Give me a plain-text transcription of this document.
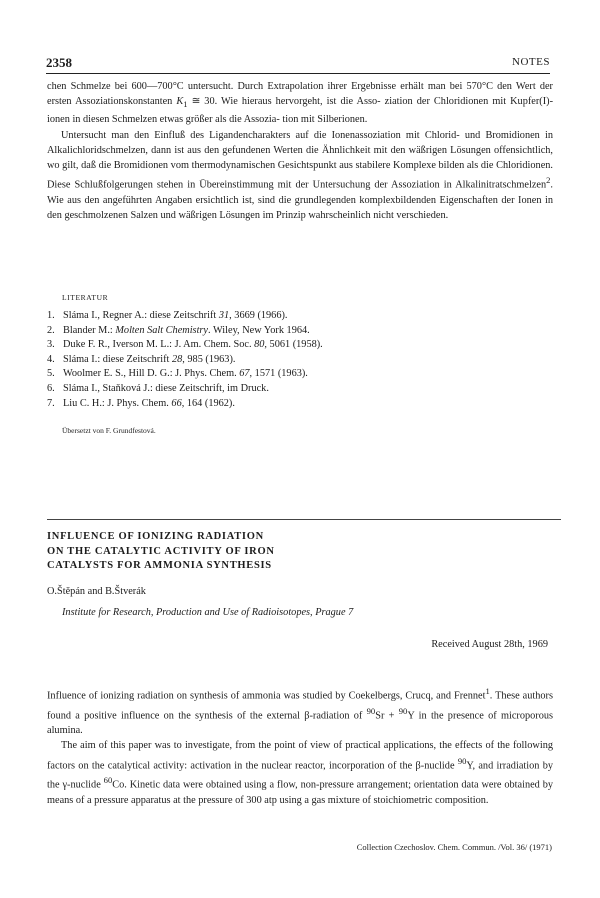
2358	NOTES

chen Schmelze bei 600—700°C untersucht. Durch Extrapolation ihrer Ergebnisse erhält man bei 570°C den Wert der ersten Assoziationskonstanten $K_1$ ≅ 30. Wie hieraus hervorgeht, ist die Asso- ziation der Chloridionen mit Kupfer(I)-ionen in diesen Schmelzen etwas größer als die Assozia- tion mit Silberionen.

Untersucht man den Einfluß des Ligandencharakters auf die Ionenassoziation mit Chlorid- und Bromidionen in Alkalichloridschmelzen, dann ist aus den gefundenen Werten die Ähnlichkeit mit den wäßrigen Lösungen offensichtlich, wo gilt, daß die Bromidionen vom thermodynamischen Gesichtspunkt aus stabilere Komplexe bilden als die Chloridionen. Diese Schlußfolgerungen stehen in Übereinstimmung mit der Untersuchung der Assoziation in Alkalinitratschmelzen$^2$. Wie aus den angeführten Angaben ersichtlich ist, sind die grundlegenden komplexbildenden Eigenschaften der Ionen in den geschmolzenen Salzen und wäßrigen Lösungen im Prinzip wahrscheinlich nicht verschieden.

LITERATUR
1. Sláma I., Regner A.: diese Zeitschrift 31, 3669 (1966).
2. Blander M.: Molten Salt Chemistry. Wiley, New York 1964.
3. Duke F. R., Iverson M. L.: J. Am. Chem. Soc. 80, 5061 (1958).
4. Sláma I.: diese Zeitschrift 28, 985 (1963).
5. Woolmer E. S., Hill D. G.: J. Phys. Chem. 67, 1571 (1963).
6. Sláma I., Staňková J.: diese Zeitschrift, im Druck.
7. Liu C. H.: J. Phys. Chem. 66, 164 (1962).
Übersetzt von F. Grundfestová.
INFLUENCE OF IONIZING RADIATION
ON THE CATALYTIC ACTIVITY OF IRON
CATALYSTS FOR AMMONIA SYNTHESIS
O.Štěpán and B.Štverák
Institute for Research, Production and Use of Radioisotopes, Prague 7
Received August 28th, 1969

Influence of ionizing radiation on synthesis of ammonia was studied by Coekelbergs, Crucq, and Frennet$^1$. These authors found a positive influence on the synthesis of the external β-radiation of $^{90}$Sr + $^{90}$Y in the presence of microporous alumina.

The aim of this paper was to investigate, from the point of view of practical applications, the effects of the following factors on the catalytical activity: activation in the nuclear reactor, incorporation of the β-nuclide $^{90}$Y, and irradiation by the γ-nuclide $^{60}$Co. Kinetic data were obtained using a flow, non-pressure arrangement; orientation data were obtained by means of a pressure apparatus at the pressure of 300 atp using a gas mixture of stoichiometric composition.

Collection Czechoslov. Chem. Commun. /Vol. 36/ (1971)
